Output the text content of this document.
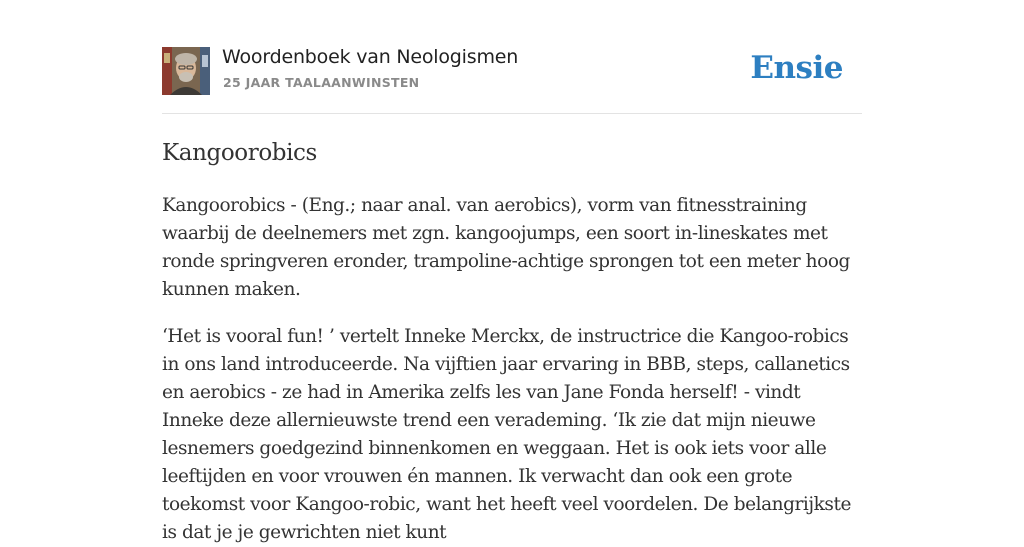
Woordenboek van Neologismen
25 JAAR TAALAANWINSTEN	Ensie
Kangoorobics

Kangoorobics - (Eng.; naar anal. van aerobics), vorm van fitnesstraining waarbij de deelnemers met zgn. kangoojumps, een soort in-lineskates met ronde springveren eronder, trampoline-achtige sprongen tot een meter hoog kunnen maken.

‘Het is vooral fun! ’ vertelt Inneke Merckx, de instructrice die Kangoo-robics in ons land introduceerde. Na vijftien jaar ervaring in BBB, steps, callanetics en aerobics - ze had in Amerika zelfs les van Jane Fonda herself! - vindt Inneke deze allernieuwste trend een verademing. ‘Ik zie dat mijn nieuwe lesnemers goedgezind binnenkomen en weggaan. Het is ook iets voor alle leeftijden en voor vrouwen én mannen. Ik verwacht dan ook een grote toekomst voor Kangoo-robic, want het heeft veel voordelen. De belangrijkste is dat je je gewrichten niet kunt
